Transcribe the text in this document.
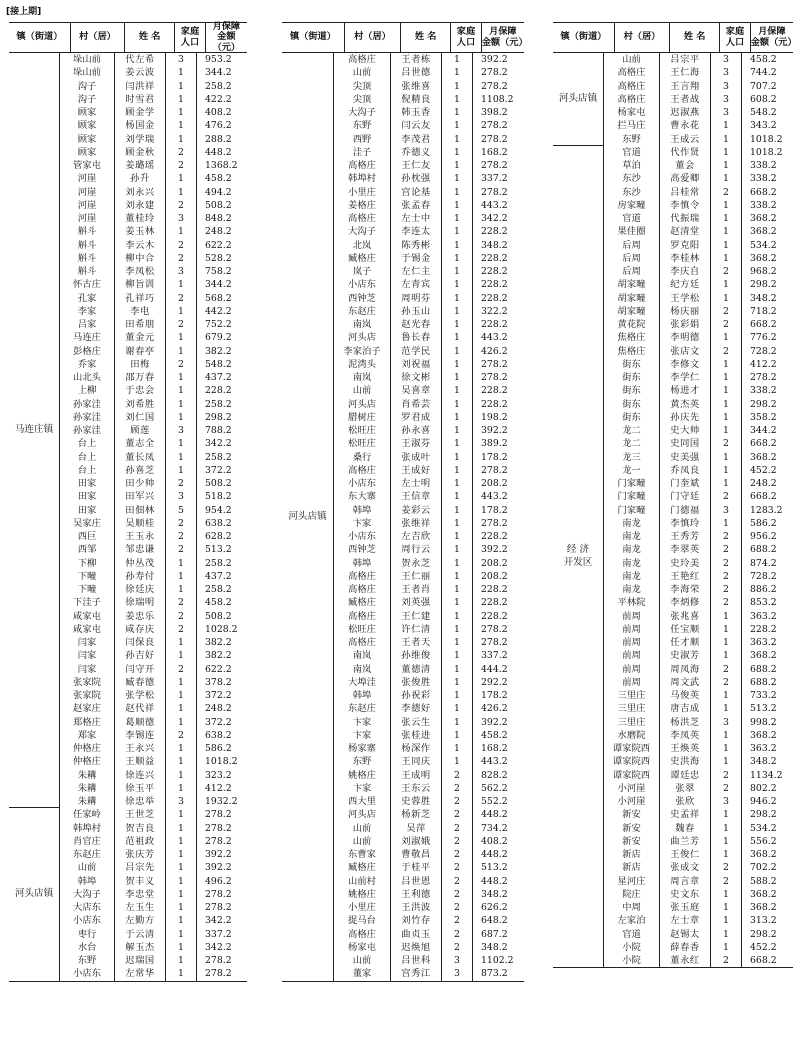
[接上期]
镇（街道）	村（居）	姓 名	家庭
人口
月保障
金额（元）
马连庄镇
河头店镇
垛山前	代左希	3	953.2
垛山前	姜云波	1	344.2
沟子	闫洪祥	1	258.2
沟子	时雪君	1	422.2
顾家	顾金学	1	408.2
顾家	杨国金	1	476.2
顾家	刘学瑞	1	288.2
顾家	顾金秋	2	448.2
管家屯	姜璐瑶	2	1368.2
河崖	孙升	1	458.2
河崖	刘永兴	1	494.2
河崖	刘永建	2	508.2
河崖	董桂玲	3	848.2
斛斗	姜玉林	1	248.2
斛斗	李云木	2	622.2
斛斗	柳中合	2	528.2
斛斗	李凤松	3	758.2
怀古庄	柳旨训	1	344.2
孔家	孔祥巧	2	568.2
李家	李电	1	442.2
吕家	田希朋	2	752.2
马连庄	董金元	1	679.2
彭格庄	谢春亭	1	382.2
乔家	田梅	2	548.2
山北头	邵万春	1	437.2
上柳	于忠会	1	228.2
孙家洼	刘希胜	1	258.2
孙家洼	刘仁国	1	298.2
孙家洼	顾莲	3	788.2
台上	董志全	1	342.2
台上	董长凤	1	258.2
台上	孙喜芝	1	372.2
田家	田少帅	2	508.2
田家	田军兴	3	518.2
田家	田佃林	5	954.2
吴家庄	吴顺桂	2	638.2
西巨	王玉永	2	628.2
西邹	邹忠谦	2	513.2
下柳	仲丛茂	1	258.2
下疃	孙寿付	1	437.2
下疃	徐廷庆	1	258.2
下洼子	徐瑞明	2	458.2
咸家屯	姜忠乐	2	508.2
咸家屯	咸存庆	2	1028.2
闫家	闫保良	1	382.2
闫家	孙吉好	1	382.2
闫家	闫守开	2	622.2
张家院	臧春德	1	378.2
张家院	张学松	1	372.2
赵家庄	赵代祥	1	248.2
郑格庄	葛顺德	1	372.2
郑家	李锡连	2	638.2
仲格庄	王永兴	1	586.2
仲格庄	王顺益	1	1018.2
朱耩	徐连兴	1	323.2
朱耩	徐玉平	1	412.2
朱耩	徐忠举	3	1932.2
任家岭	王世芝	1	278.2
韩埠村	贺吉良	1	278.2
肖官庄	范祖政	1	278.2
东赵庄	张庆芳	1	392.2
山前	吕宗先	1	392.2
韩埠	贺丰义	1	496.2
大沟子	李忠堂	1	278.2
大店东	左玉生	1	278.2
小店东	左勤方	1	342.2
枣行	于云清	1	337.2
水台	解玉杰	1	342.2
东野	迟瑞国	1	278.2
小店东	左常华	1	278.2
镇（街道）	村（居）	姓 名	家庭
人口
月保障
金额（元）
河头店镇
高格庄	王者栋	1	392.2
山前	吕世德	1	278.2
尖顶	张维喜	1	278.2
尖顶	倪精良	1	1108.2
大沟子	韩玉香	1	398.2
东野	闫云友	1	278.2
西野	李茂君	1	278.2
洼子	乔德义	1	168.2
高格庄	王仁友	1	278.2
韩埠村	孙枕强	1	337.2
小里庄	宫论基	1	278.2
姜格庄	张孟春	1	443.2
高格庄	左士中	1	342.2
大沟子	李连太	1	228.2
北岚	陈秀彬	1	348.2
臧格庄	于锡金	1	228.2
岚子	左仁主	1	228.2
小店东	左青宾	1	228.2
西钟芝	周明芬	1	228.2
东赵庄	孙玉山	1	322.2
南岚	赵光春	1	228.2
河头店	鲁长春	1	443.2
李家泊子	范学民	1	426.2
泥湾头	刘祝福	1	278.2
南岚	徐文彬	1	278.2
山前	吴喜章	1	228.2
河头店	肖希芸	1	228.2
腊树庄	罗君成	1	198.2
松旺庄	孙永喜	1	392.2
松旺庄	王淑芬	1	389.2
桑行	张成叶	1	178.2
高格庄	王成好	1	278.2
小店东	左士明	1	208.2
东大寨	王信章	1	443.2
韩埠	姜彩云	1	178.2
卞家	张维祥	1	278.2
小店东	左吉欣	1	228.2
西钟芝	周行云	1	392.2
韩埠	贺永芝	1	208.2
高格庄	王仁丽	1	208.2
高格庄	王者肖	1	228.2
臧格庄	刘英强	1	228.2
高格庄	王仁建	1	228.2
松旺庄	许仁清	1	278.2
高格庄	王者天	1	278.2
南岚	孙维俊	1	337.2
南岚	董德清	1	444.2
大埠洼	张俊胜	1	292.2
韩埠	孙祝彩	1	178.2
东赵庄	李德好	1	426.2
卞家	张云生	1	392.2
卞家	张桂进	1	458.2
杨家寨	杨深作	1	168.2
东野	王同庆	1	443.2
姚格庄	王成明	2	828.2
卞家	王东云	2	562.2
西大里	史蓉胜	2	552.2
河头店	杨新芝	2	448.2
山前	吴萍	2	734.2
山前	刘淑娥	2	408.2
东曹家	曹敬昌	2	448.2
臧格庄	于桂平	2	513.2
山前村	吕世恩	2	448.2
姚格庄	王利德	2	348.2
小里庄	王洪波	2	626.2
捉马台	刘竹存	2	648.2
高格庄	曲贞玉	2	687.2
杨家屯	迟焕旭	2	348.2
山前	吕世科	3	1102.2
董家	宫秀江	3	873.2
镇（街道）	村（居）	姓 名	家庭
人口
月保障
金额（元）
河头店镇
经 济
开发区
山前	吕宗平	3	458.2
高格庄	王仁海	3	744.2
高格庄	王言翔	3	707.2
高格庄	王者战	3	608.2
杨家屯	迟淑燕	3	548.2
拦马庄	曹永花	1	343.2
东野	王成云	1	1018.2
官道	代作贤	1	1018.2
草泊	董会	1	338.2
东沙	高爱卿	1	338.2
东沙	吕桂常	2	668.2
房家疃	李慎令	1	338.2
官道	代振瑞	1	368.2
果佳圈	赵清堂	1	368.2
后周	罗克阳	1	534.2
后周	李桂林	1	368.2
后周	李庆自	2	968.2
胡家疃	纪方廷	1	298.2
胡家疃	王学松	1	348.2
胡家疃	杨庆丽	2	718.2
黄花院	张彩娟	2	668.2
焦格庄	李明德	1	776.2
焦格庄	张店文	2	728.2
街东	李修文	1	412.2
街东	李学仁	1	278.2
街东	杨进才	1	338.2
街东	黄杰英	1	298.2
街东	孙庆先	1	358.2
龙二	史大帅	1	344.2
龙二	史同国	2	668.2
龙三	史美强	1	368.2
龙一	乔凤良	1	452.2
门家疃	门奎斌	1	248.2
门家疃	门守廷	2	668.2
门家疃	门德福	3	1283.2
南龙	李慎玲	1	586.2
南龙	王秀芳	2	956.2
南龙	李翠英	2	688.2
南龙	史玲美	2	874.2
南龙	王艳红	2	728.2
南龙	李海荣	2	886.2
平林院	李炳修	2	853.2
前周	张兆喜	1	363.2
前周	任宝顺	1	228.2
前周	任才顺	1	363.2
前周	史淑芳	1	368.2
前周	周凤海	2	688.2
前周	周文武	2	688.2
三里庄	马俊英	1	733.2
三里庄	唐吉成	1	513.2
三里庄	杨洪芝	3	998.2
水磨院	李凤英	1	368.2
谭家院西	王焕英	1	363.2
谭家院西	史洪海	1	348.2
谭家院西	谭廷忠	2	1134.2
小河崖	张翠	2	802.2
小河崖	张欣	3	946.2
新安	史孟祥	1	298.2
新安	魏春	1	534.2
新安	曲兰芳	1	556.2
新店	王俊仁	1	368.2
新店	张成文	2	702.2
星河庄	周言章	2	588.2
院庄	史文东	1	368.2
中周	张玉庭	1	368.2
左家泊	左士章	1	313.2
官道	赵锡太	1	298.2
小院	薛春香	1	452.2
小院	董永红	2	668.2
